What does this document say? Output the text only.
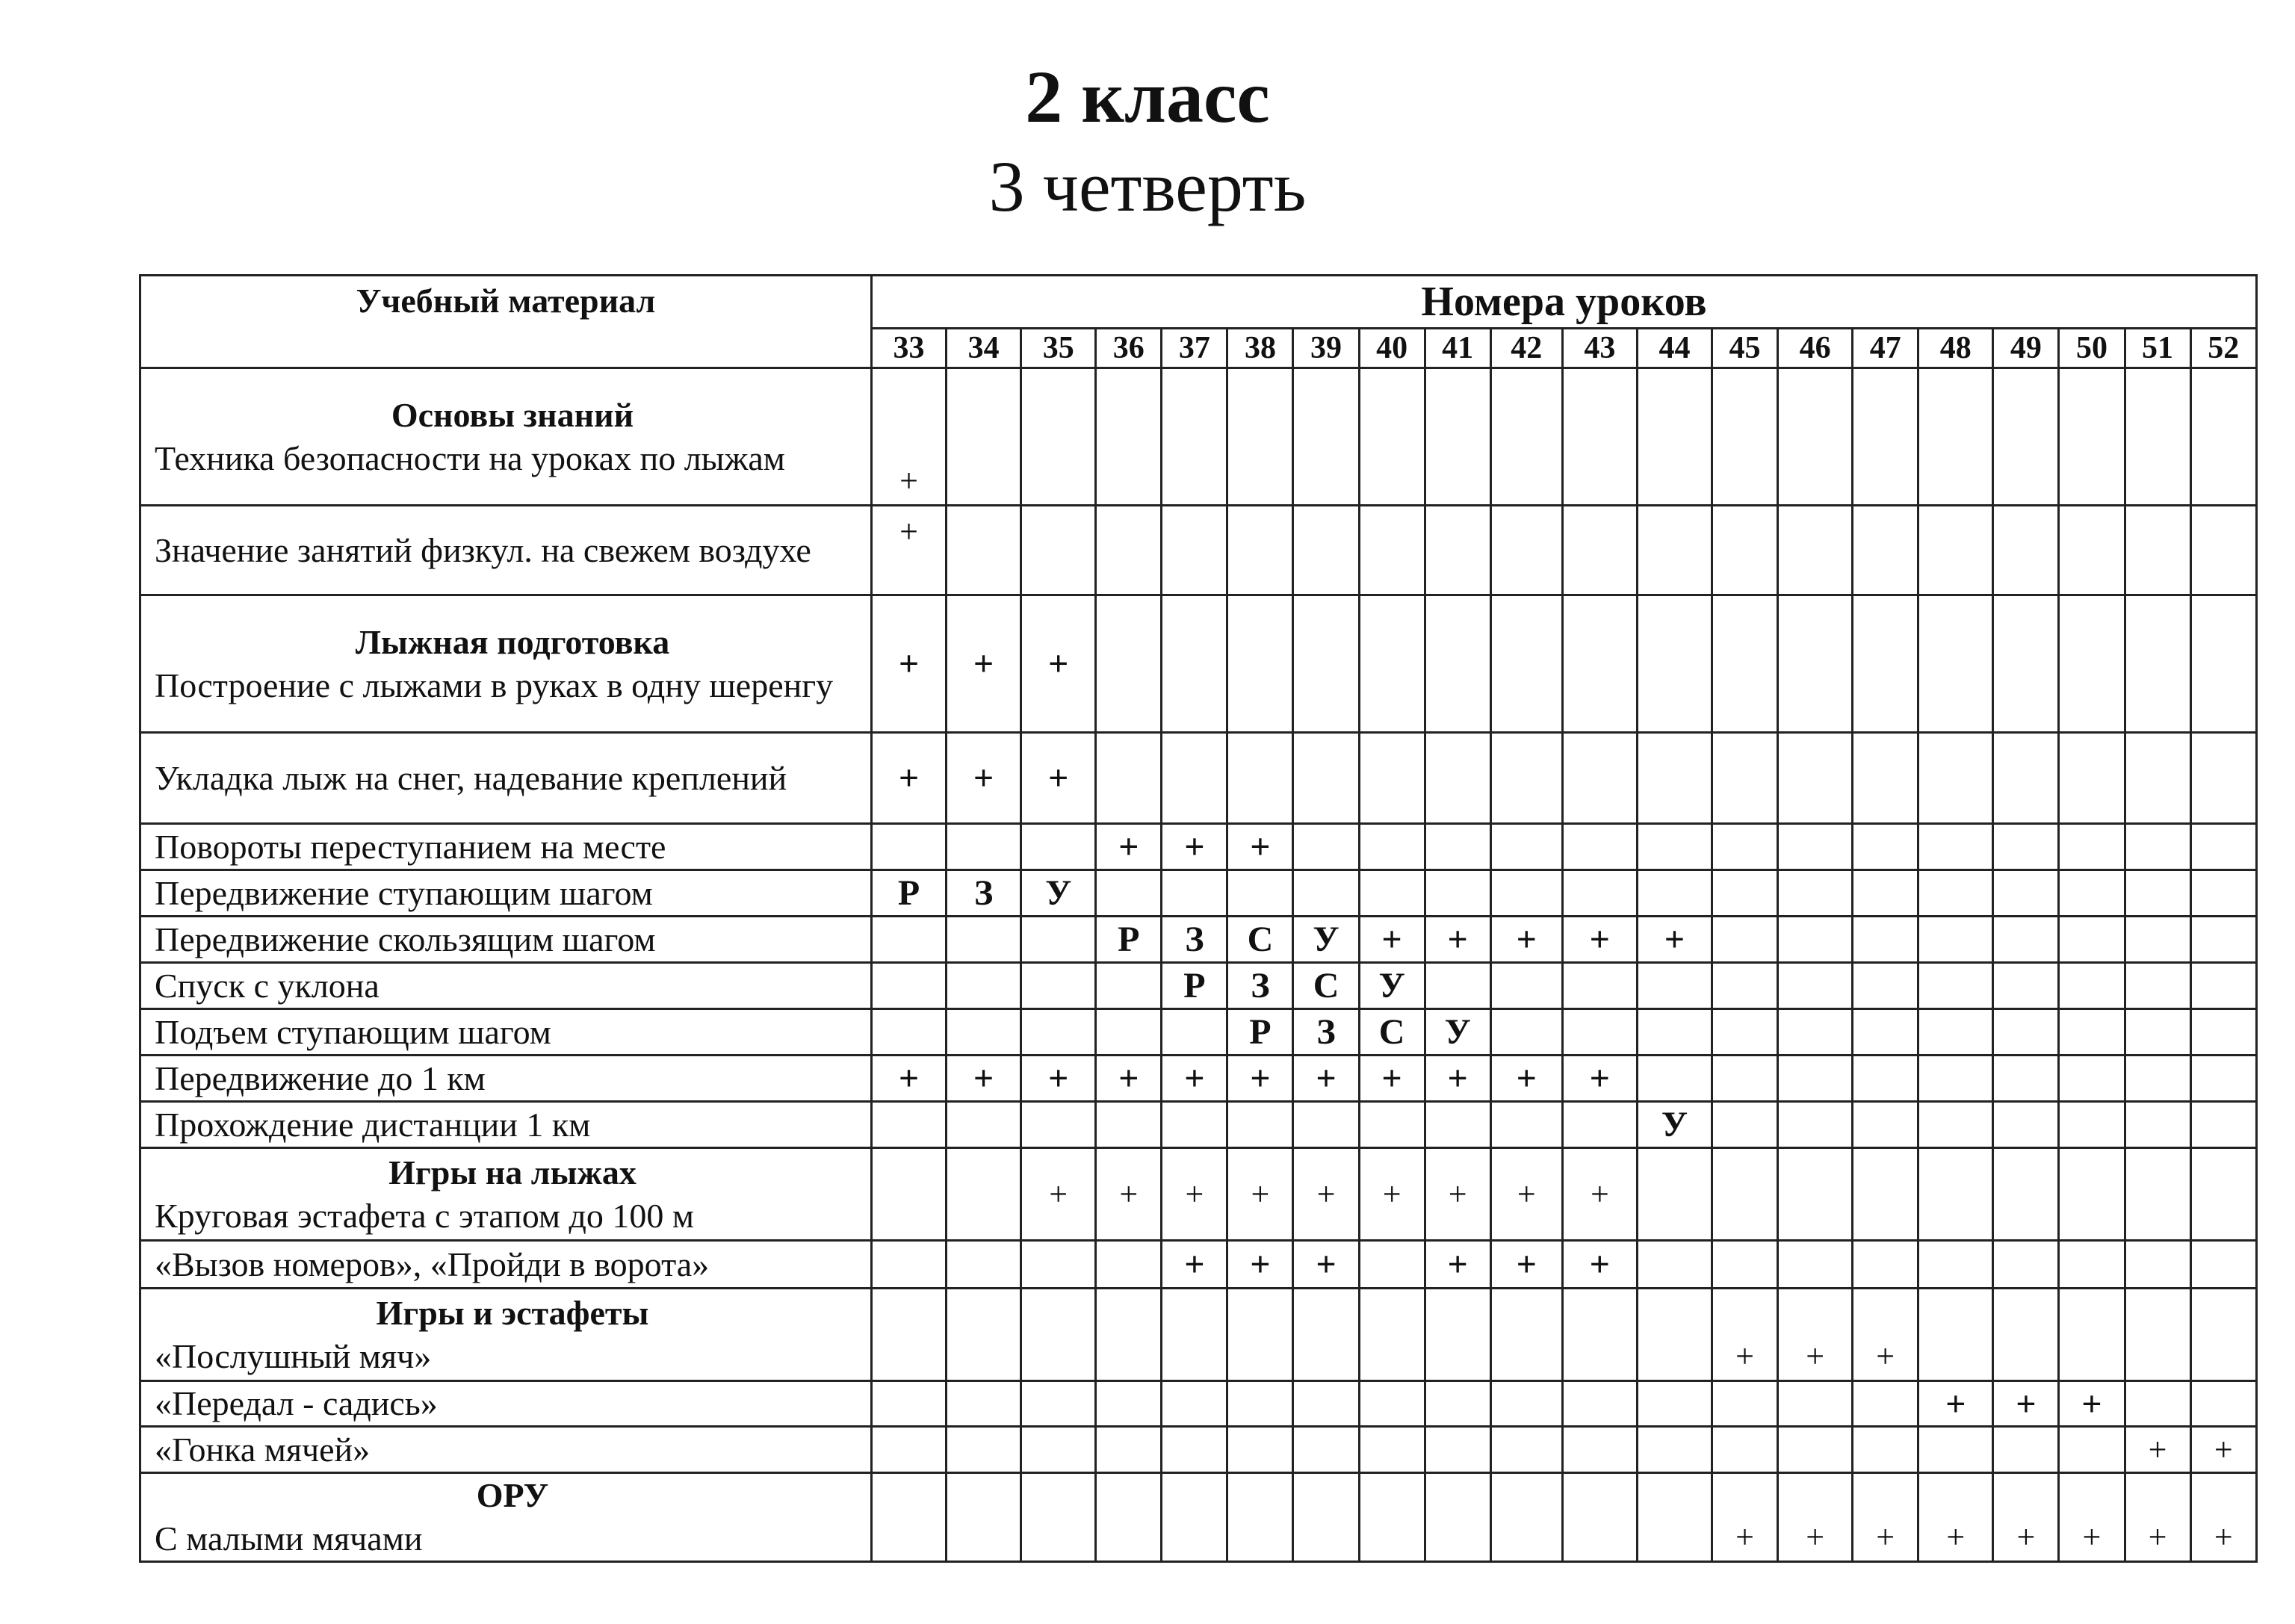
2 класс
3 четверть
Учебный материал	Номера уроков																			
	33	34	35	36	37	38	39	40	41	42	43	44	45	46	47	48	49	50	51	52

Основы знаний
Техника безопасности на уроках по лыжам	+																			
Значение занятий физкул. на свежем воздухе	+																			

Лыжная подготовка
Построение с лыжами в руках в одну шеренгу	+	+	+																	
Укладка лыж на снег, надевание креплений	+	+	+																	
Повороты переступанием на месте				+	+	+														
Передвижение ступающим шагом	Р	З	У																	
Передвижение скользящим шагом				Р	З	С	У	+	+	+	+	+								
Спуск с уклона					Р	З	С	У												
Подъем ступающим шагом						Р	З	С	У											
Передвижение до 1 км	+	+	+	+	+	+	+	+	+	+	+									
Прохождение дистанции 1 км												У								

Игры на лыжах
Круговая эстафета с этапом до 100 м			+	+	+	+	+	+	+	+	+									
«Вызов номеров», «Пройди в ворота»					+	+	+		+	+	+									

Игры и эстафеты
«Послушный мяч»													+	+	+					
«Передал - садись»																+	+	+		
«Гонка мячей»																			+	+

ОРУ
С малыми мячами													+	+	+	+	+	+	+	+
